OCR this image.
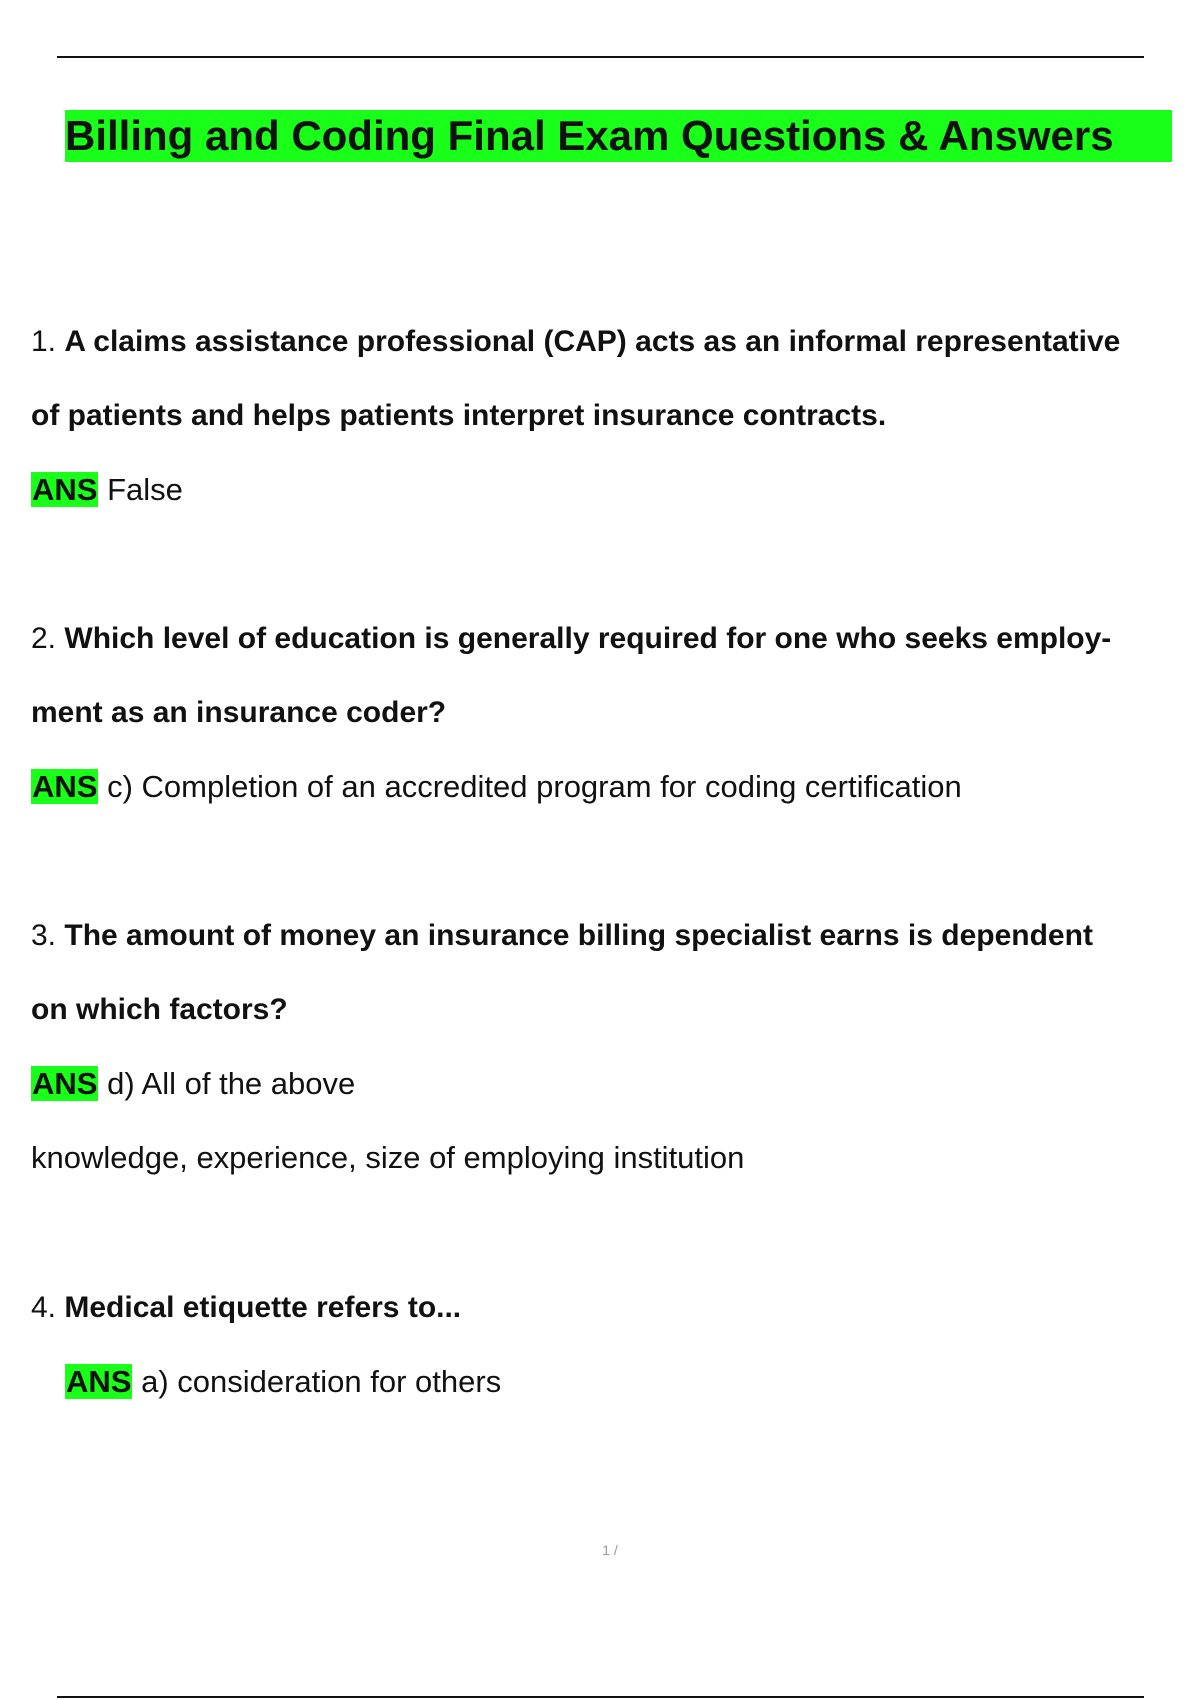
Billing and Coding Final Exam Questions & Answers

1. A claims assistance professional (CAP) acts as an informal representative

of patients and helps patients interpret insurance contracts.

ANS False

2. Which level of education is generally required for one who seeks employ-

ment as an insurance coder?

ANS c) Completion of an accredited program for coding certification

3. The amount of money an insurance billing specialist earns is dependent

on which factors?

ANS d) All of the above

knowledge, experience, size of employing institution

4. Medical etiquette refers to...

ANS a) consideration for others

1 /
